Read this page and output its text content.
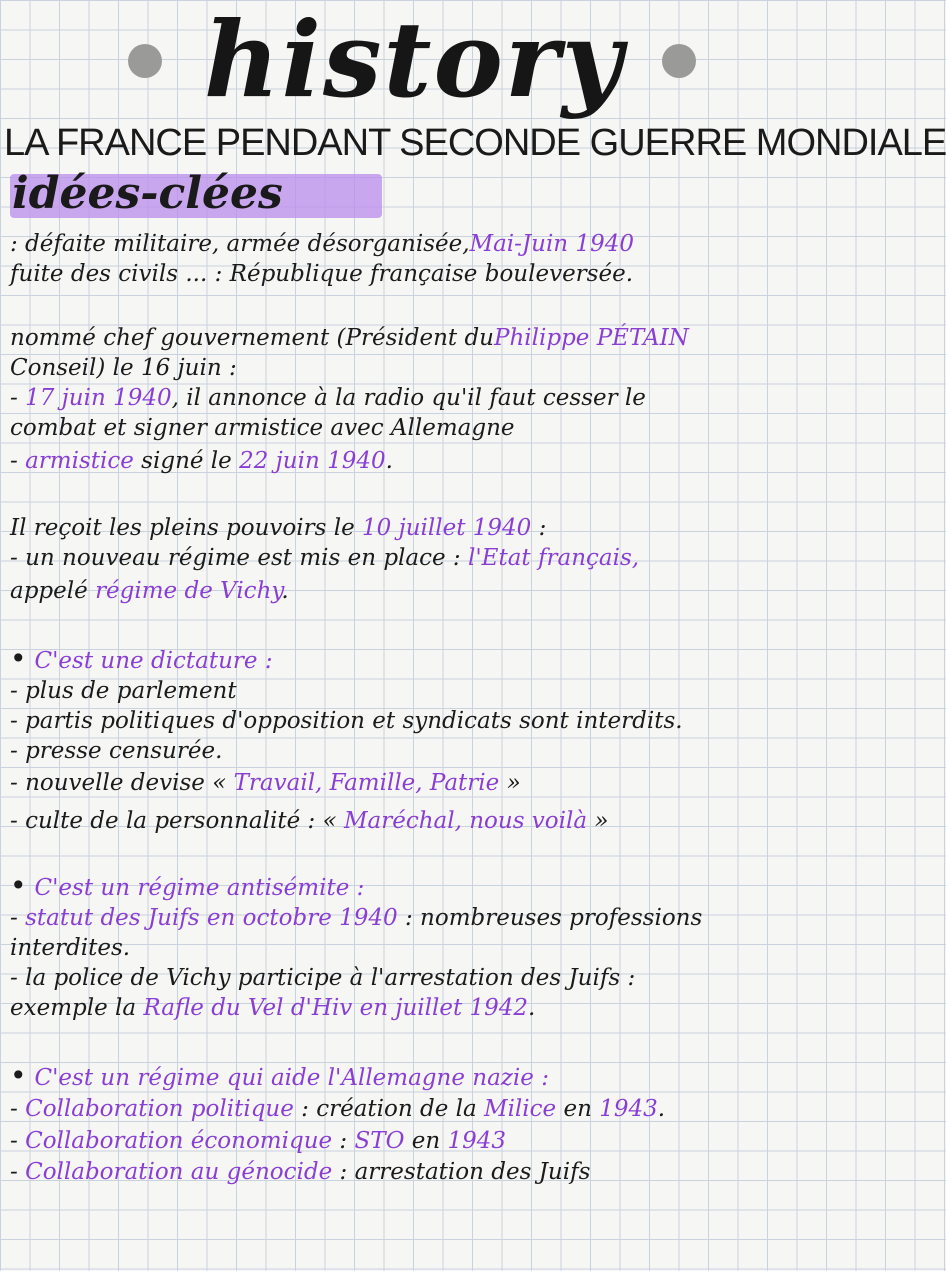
history
LA FRANCE PENDANT SECONDE GUERRE MONDIALE
idées-clées
: défaite militaire, armée désorganisée,Mai-Juin 1940
fuite des civils ... : République française bouleversée.
nommé chef gouvernement (Président duPhilippe PÉTAIN
Conseil) le 16 juin :
- 17 juin 1940, il annonce à la radio qu'il faut cesser le
combat et signer armistice avec Allemagne
- armistice signé le 22 juin 1940.
Il reçoit les pleins pouvoirs le 10 juillet 1940 :
- un nouveau régime est mis en place : l'Etat français,
appelé régime de Vichy.
• C'est une dictature :
- plus de parlement
- partis politiques d'opposition et syndicats sont interdits.
- presse censurée.
- nouvelle devise « Travail, Famille, Patrie »
- culte de la personnalité : « Maréchal, nous voilà »
• C'est un régime antisémite :
- statut des Juifs en octobre 1940 : nombreuses professions
interdites.
- la police de Vichy participe à l'arrestation des Juifs :
exemple la Rafle du Vel d'Hiv en juillet 1942.
• C'est un régime qui aide l'Allemagne nazie :
- Collaboration politique : création de la Milice en 1943.
- Collaboration économique : STO en 1943
- Collaboration au génocide : arrestation des Juifs
